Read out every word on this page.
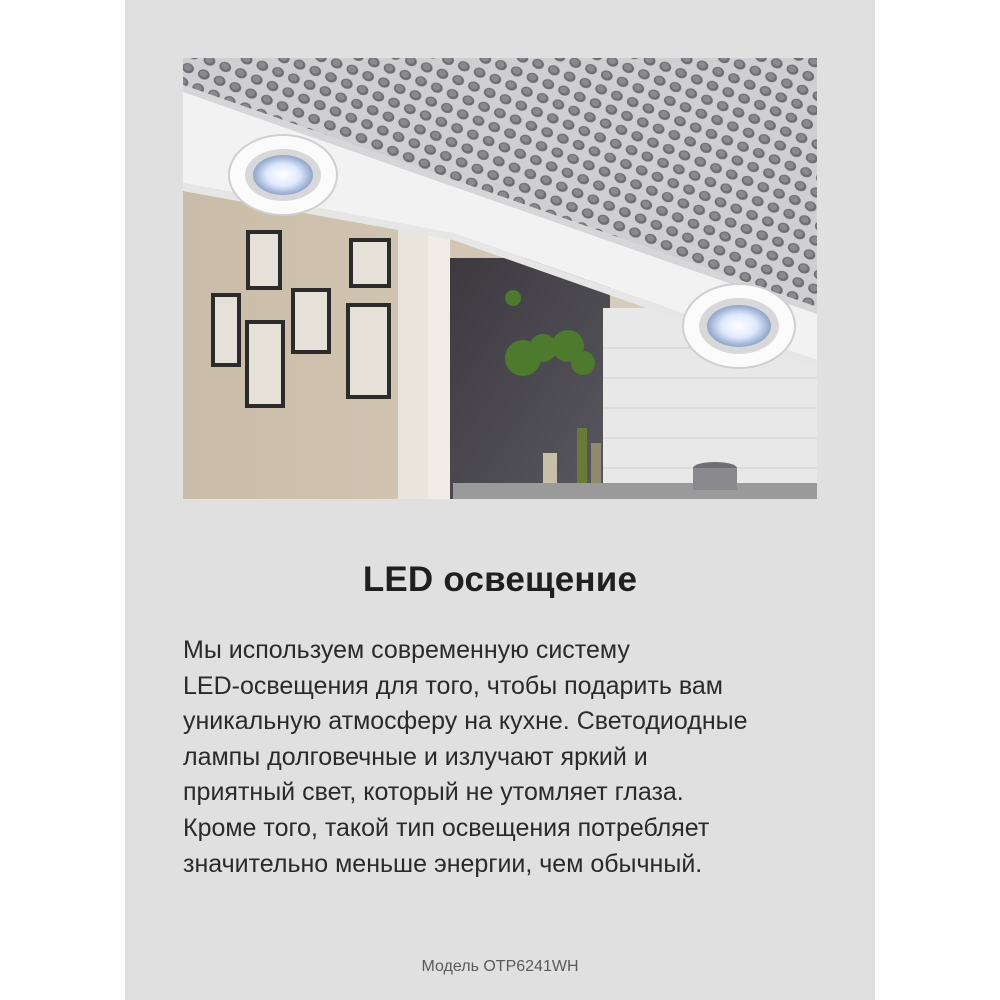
LED освещение
Мы используем современную систему
LED-освещения для того, чтобы подарить вам
уникальную атмосферу на кухне. Светодиодные
лампы долговечные и излучают яркий и
приятный свет, который не утомляет глаза.
Кроме того, такой тип освещения потребляет
значительно меньше энергии, чем обычный.
Модель OTP6241WH
